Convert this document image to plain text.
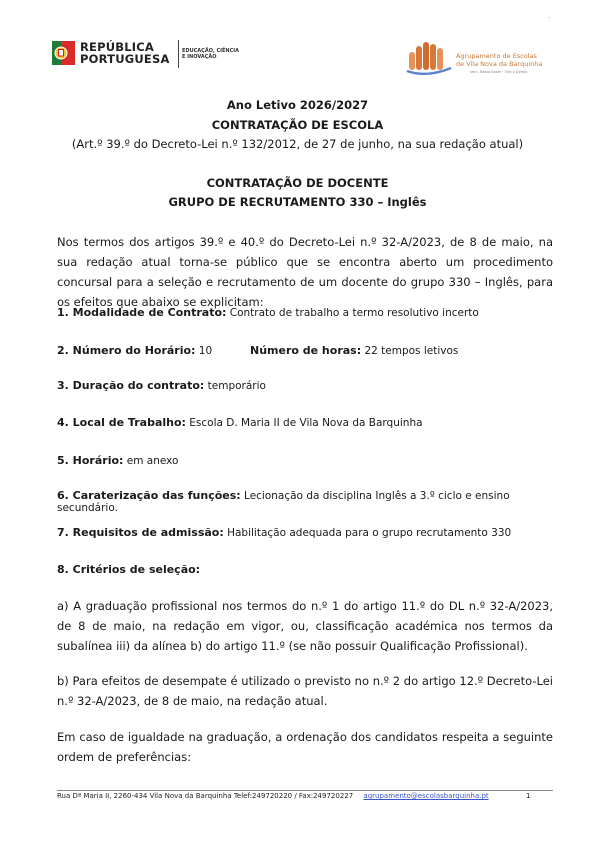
REPÚBLICA
PORTUGUESA
EDUCAÇÃO, CIÊNCIA
E INOVAÇÃO	Agrupamento de Escolas
de Vila Nova da Barquinha
Vem, Nesta Saber · Vira o Direito
·
Ano Letivo 2026/2027
CONTRATAÇÃO DE ESCOLA
(Art.º 39.º do Decreto-Lei n.º 132/2012, de 27 de junho, na sua redação atual)
CONTRATAÇÃO DE DOCENTE
GRUPO DE RECRUTAMENTO 330 – Inglês
Nos termos dos artigos 39.º e 40.º do Decreto-Lei n.º 32-A/2023, de 8 de maio, na sua redação atual torna-se público que se encontra aberto um procedimento concursal para a seleção e recrutamento de um docente do grupo 330 – Inglês, para os efeitos que abaixo se explicitam:
1. Modalidade de Contrato: Contrato de trabalho a termo resolutivo incerto
2. Número do Horário: 10	Número de horas: 22 tempos letivos
3. Duração do contrato: temporário
4. Local de Trabalho: Escola D. Maria II de Vila Nova da Barquinha
5. Horário: em anexo
6. Caraterização das funções: Lecionação da disciplina Inglês a 3.º ciclo e ensino secundário.
7. Requisitos de admissão: Habilitação adequada para o grupo recrutamento 330
8. Critérios de seleção:
a) A graduação profissional nos termos do n.º 1 do artigo 11.º do DL n.º 32-A/2023, de 8 de maio, na redação em vigor, ou, classificação académica nos termos da subalínea iii) da alínea b) do artigo 11.º (se não possuir Qualificação Profissional).
b) Para efeitos de desempate é utilizado o previsto no n.º 2 do artigo 12.º Decreto-Lei n.º 32-A/2023, de 8 de maio, na redação atual.
Em caso de igualdade na graduação, a ordenação dos candidatos respeita a seguinte ordem de preferências:
Rua Dª Maria II, 2260-434 Vila Nova da Barquinha Telef:249720220 / Fax:249720227 agrupamento@escolasbarquinha.pt	1
